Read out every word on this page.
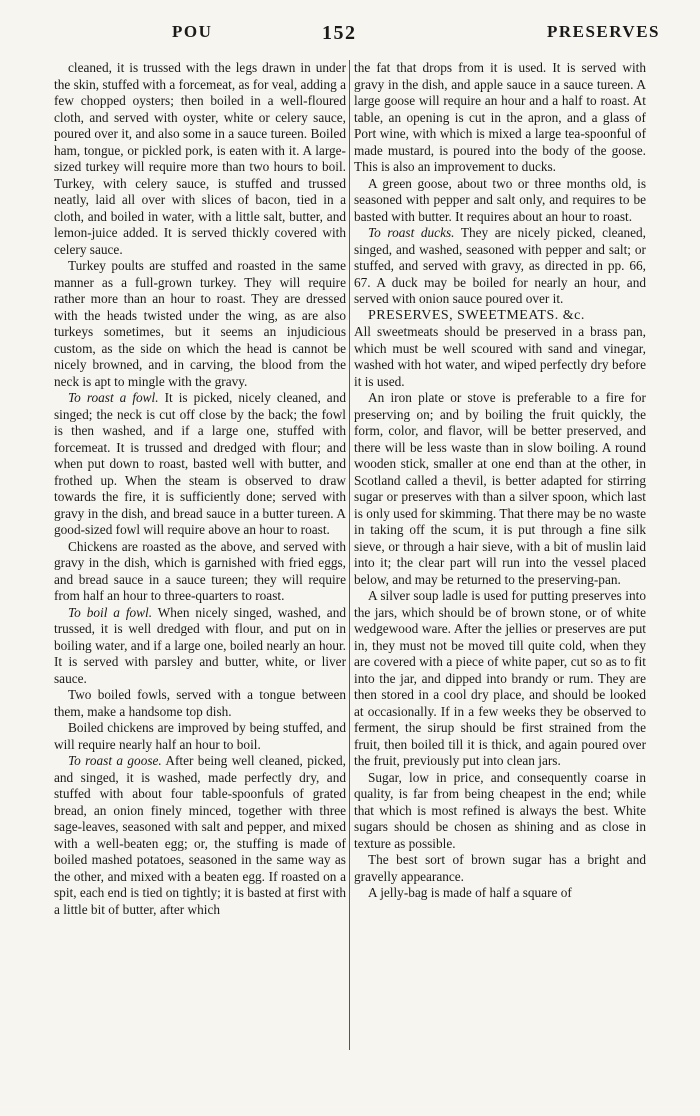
POU	152	PRESERVES

cleaned, it is trussed with the legs drawn in under the skin, stuffed with a forcemeat, as for veal, adding a few chopped oysters; then boiled in a well-floured cloth, and served with oyster, white or celery sauce, poured over it, and also some in a sauce tureen. Boiled ham, tongue, or pickled pork, is eaten with it. A large-sized turkey will require more than two hours to boil. Turkey, with celery sauce, is stuffed and trussed neatly, laid all over with slices of bacon, tied in a cloth, and boiled in water, with a little salt, butter, and lemon-juice added. It is served thickly covered with celery sauce.

Turkey poults are stuffed and roasted in the same manner as a full-grown turkey. They will require rather more than an hour to roast. They are dressed with the heads twisted under the wing, as are also turkeys sometimes, but it seems an injudicious custom, as the side on which the head is cannot be nicely browned, and in carving, the blood from the neck is apt to mingle with the gravy.

To roast a fowl. It is picked, nicely cleaned, and singed; the neck is cut off close by the back; the fowl is then washed, and if a large one, stuffed with forcemeat. It is trussed and dredged with flour; and when put down to roast, basted well with butter, and frothed up. When the steam is observed to draw towards the fire, it is sufficiently done; served with gravy in the dish, and bread sauce in a butter tureen. A good-sized fowl will require above an hour to roast.

Chickens are roasted as the above, and served with gravy in the dish, which is garnished with fried eggs, and bread sauce in a sauce tureen; they will require from half an hour to three-quarters to roast.

To boil a fowl. When nicely singed, washed, and trussed, it is well dredged with flour, and put on in boiling water, and if a large one, boiled nearly an hour. It is served with parsley and butter, white, or liver sauce.

Two boiled fowls, served with a tongue between them, make a handsome top dish.

Boiled chickens are improved by being stuffed, and will require nearly half an hour to boil.

To roast a goose. After being well cleaned, picked, and singed, it is washed, made perfectly dry, and stuffed with about four table-spoonfuls of grated bread, an onion finely minced, together with three sage-leaves, seasoned with salt and pepper, and mixed with a well-beaten egg; or, the stuffing is made of boiled mashed potatoes, seasoned in the same way as the other, and mixed with a beaten egg. If roasted on a spit, each end is tied on tightly; it is basted at first with a little bit of butter, after which

the fat that drops from it is used. It is served with gravy in the dish, and apple sauce in a sauce tureen. A large goose will require an hour and a half to roast. At table, an opening is cut in the apron, and a glass of Port wine, with which is mixed a large tea-spoonful of made mustard, is poured into the body of the goose. This is also an improvement to ducks.

A green goose, about two or three months old, is seasoned with pepper and salt only, and requires to be basted with butter. It requires about an hour to roast.

To roast ducks. They are nicely picked, cleaned, singed, and washed, seasoned with pepper and salt; or stuffed, and served with gravy, as directed in pp. 66, 67. A duck may be boiled for nearly an hour, and served with onion sauce poured over it.

PRESERVES, SWEETMEATS. &c.

All sweetmeats should be preserved in a brass pan, which must be well scoured with sand and vinegar, washed with hot water, and wiped perfectly dry before it is used.

An iron plate or stove is preferable to a fire for preserving on; and by boiling the fruit quickly, the form, color, and flavor, will be better preserved, and there will be less waste than in slow boiling. A round wooden stick, smaller at one end than at the other, in Scotland called a thevil, is better adapted for stirring sugar or preserves with than a silver spoon, which last is only used for skimming. That there may be no waste in taking off the scum, it is put through a fine silk sieve, or through a hair sieve, with a bit of muslin laid into it; the clear part will run into the vessel placed below, and may be returned to the preserving-pan.

A silver soup ladle is used for putting preserves into the jars, which should be of brown stone, or of white wedgewood ware. After the jellies or preserves are put in, they must not be moved till quite cold, when they are covered with a piece of white paper, cut so as to fit into the jar, and dipped into brandy or rum. They are then stored in a cool dry place, and should be looked at occasionally. If in a few weeks they be observed to ferment, the sirup should be first strained from the fruit, then boiled till it is thick, and again poured over the fruit, previously put into clean jars.

Sugar, low in price, and consequently coarse in quality, is far from being cheapest in the end; while that which is most refined is always the best. White sugars should be chosen as shining and as close in texture as possible.

The best sort of brown sugar has a bright and gravelly appearance.

A jelly-bag is made of half a square of
